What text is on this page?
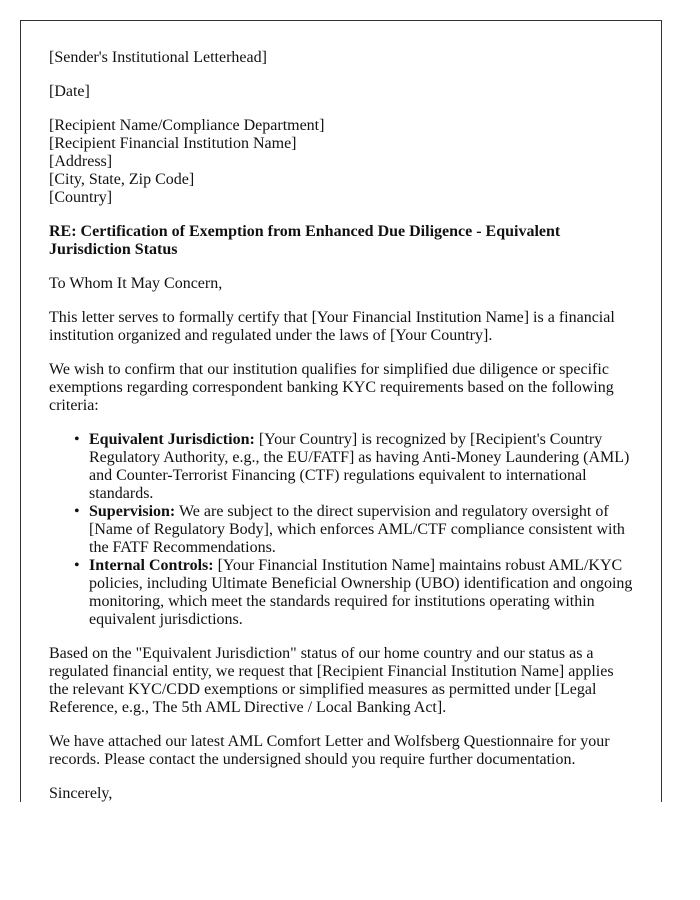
[Sender's Institutional Letterhead]

[Date]

[Recipient Name/Compliance Department]
[Recipient Financial Institution Name]
[Address]
[City, State, Zip Code]
[Country]

RE: Certification of Exemption from Enhanced Due Diligence - Equivalent Jurisdiction Status

To Whom It May Concern,

This letter serves to formally certify that [Your Financial Institution Name] is a financial institution organized and regulated under the laws of [Your Country].

We wish to confirm that our institution qualifies for simplified due diligence or specific exemptions regarding correspondent banking KYC requirements based on the following criteria:

• Equivalent Jurisdiction: [Your Country] is recognized by [Recipient's Country Regulatory Authority, e.g., the EU/FATF] as having Anti-Money Laundering (AML) and Counter-Terrorist Financing (CTF) regulations equivalent to international standards.
• Supervision: We are subject to the direct supervision and regulatory oversight of [Name of Regulatory Body], which enforces AML/CTF compliance consistent with the FATF Recommendations.
• Internal Controls: [Your Financial Institution Name] maintains robust AML/KYC policies, including Ultimate Beneficial Ownership (UBO) identification and ongoing monitoring, which meet the standards required for institutions operating within equivalent jurisdictions.

Based on the "Equivalent Jurisdiction" status of our home country and our status as a regulated financial entity, we request that [Recipient Financial Institution Name] applies the relevant KYC/CDD exemptions or simplified measures as permitted under [Legal Reference, e.g., The 5th AML Directive / Local Banking Act].

We have attached our latest AML Comfort Letter and Wolfsberg Questionnaire for your records. Please contact the undersigned should you require further documentation.

Sincerely,
